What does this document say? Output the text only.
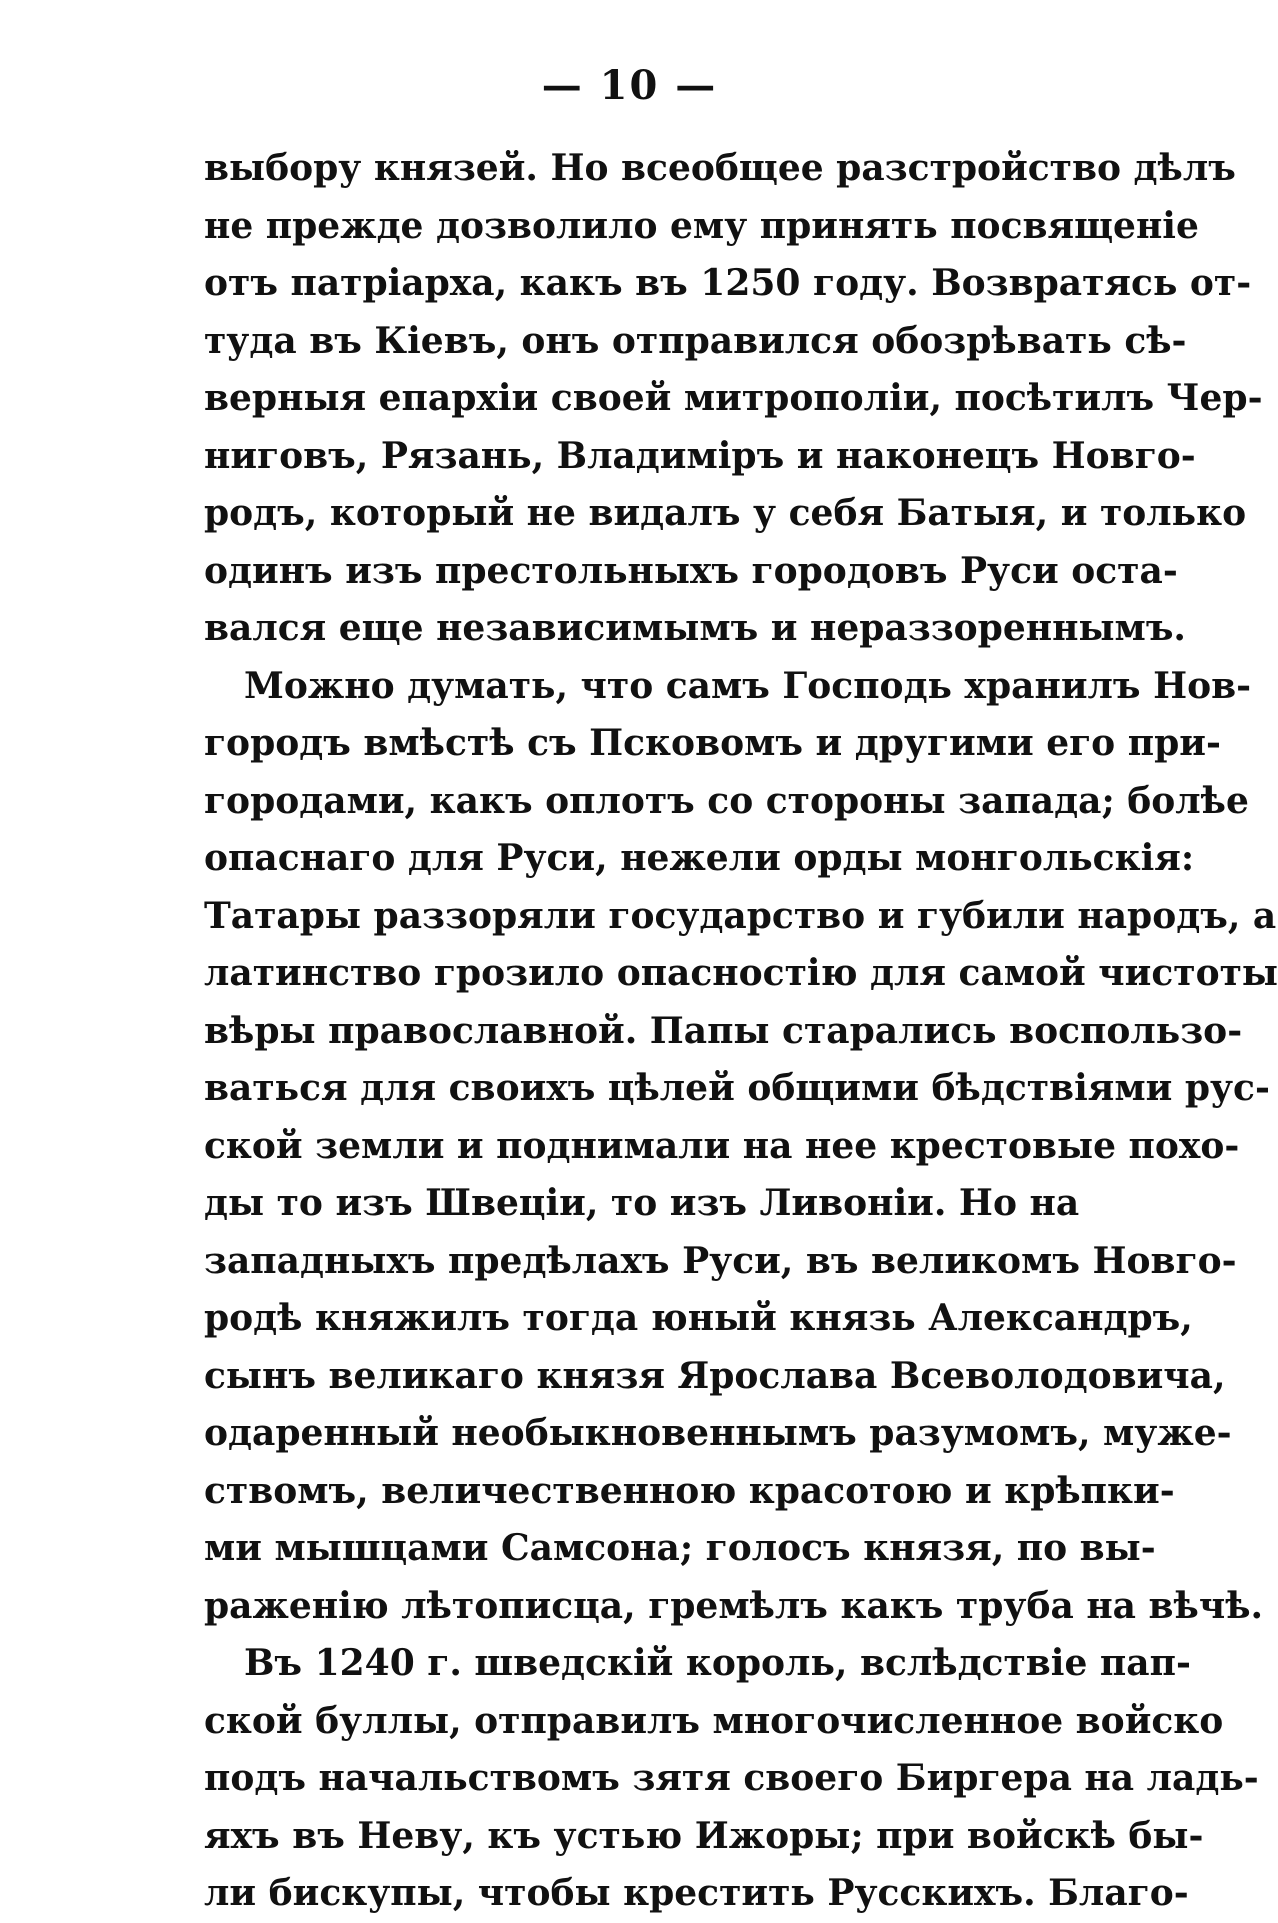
— 10 —
выбору князей. Но всеобщее разстройство дѣлъ
не прежде дозволило ему принять посвященіе
отъ патріарха, какъ въ 1250 году. Возвратясь от-
туда въ Кіевъ, онъ отправился обозрѣвать сѣ-
верныя епархіи своей митрополіи, посѣтилъ Чер-
ниговъ, Рязань, Владиміръ и наконецъ Новго-
родъ, который не видалъ у себя Батыя, и только
одинъ изъ престольныхъ городовъ Руси оста-
вался еще независимымъ и нераззореннымъ.
Можно думать, что самъ Господь хранилъ Нов-
городъ вмѣстѣ съ Псковомъ и другими его при-
городами, какъ оплотъ со стороны запада; болѣе
опаснаго для Руси, нежели орды монгольскія:
Татары раззоряли государство и губили народъ, а
латинство грозило опасностію для самой чистоты
вѣры православной. Папы старались воспользо-
ваться для своихъ цѣлей общими бѣдствіями рус-
ской земли и поднимали на нее крестовые похо-
ды то изъ Швеціи, то изъ Ливоніи. Но на
западныхъ предѣлахъ Руси, въ великомъ Новго-
родѣ княжилъ тогда юный князь Александръ,
сынъ великаго князя Ярослава Всеволодовича,
одаренный необыкновеннымъ разумомъ, муже-
ствомъ, величественною красотою и крѣпки-
ми мышцами Самсона; голосъ князя, по вы-
раженію лѣтописца, гремѣлъ какъ труба на вѣчѣ.
Въ 1240 г. шведскій король, вслѣдствіе пап-
ской буллы, отправилъ многочисленное войско
подъ начальствомъ зятя своего Биргера на ладь-
яхъ въ Неву, къ устью Ижоры; при войскѣ бы-
ли бискупы, чтобы крестить Русскихъ. Благо-
